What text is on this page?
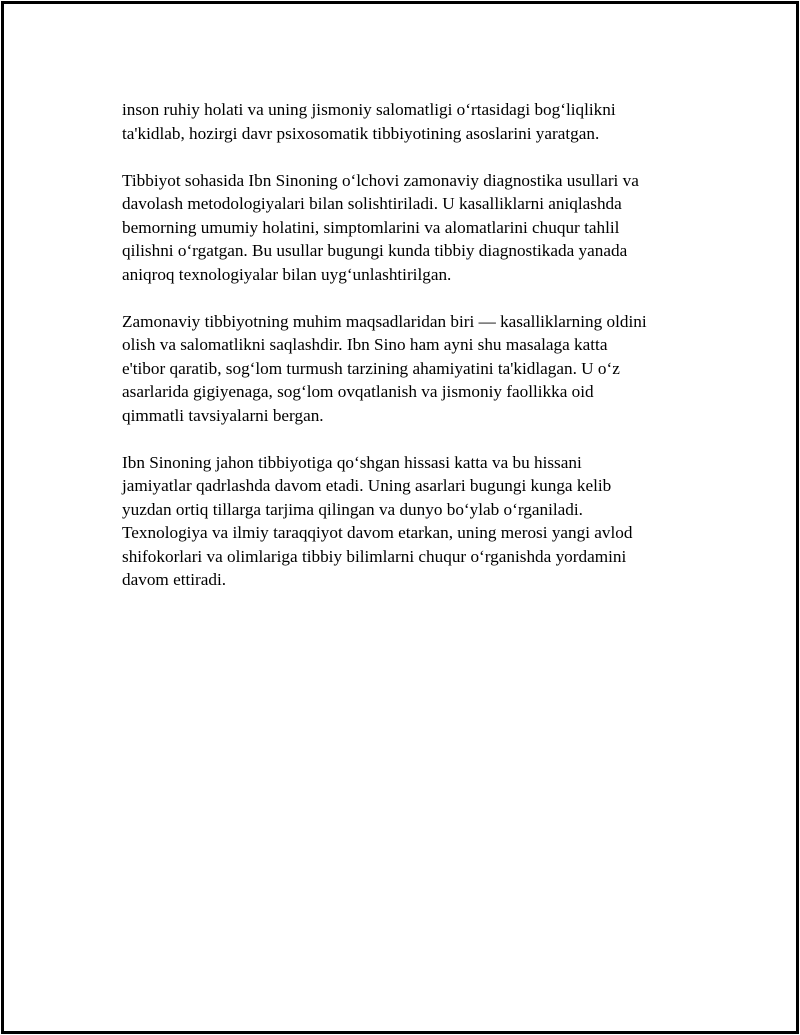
inson ruhiy holati va uning jismoniy salomatligi o‘rtasidagi bog‘liqlikni
ta'kidlab, hozirgi davr psixosomatik tibbiyotining asoslarini yaratgan.

Tibbiyot sohasida Ibn Sinoning o‘lchovi zamonaviy diagnostika usullari va
davolash metodologiyalari bilan solishtiriladi. U kasalliklarni aniqlashda
bemorning umumiy holatini, simptomlarini va alomatlarini chuqur tahlil
qilishni o‘rgatgan. Bu usullar bugungi kunda tibbiy diagnostikada yanada
aniqroq texnologiyalar bilan uyg‘unlashtirilgan.

Zamonaviy tibbiyotning muhim maqsadlaridan biri — kasalliklarning oldini
olish va salomatlikni saqlashdir. Ibn Sino ham ayni shu masalaga katta
e'tibor qaratib, sog‘lom turmush tarzining ahamiyatini ta'kidlagan. U o‘z
asarlarida gigiyenaga, sog‘lom ovqatlanish va jismoniy faollikka oid
qimmatli tavsiyalarni bergan.

Ibn Sinoning jahon tibbiyotiga qo‘shgan hissasi katta va bu hissani
jamiyatlar qadrlashda davom etadi. Uning asarlari bugungi kunga kelib
yuzdan ortiq tillarga tarjima qilingan va dunyo bo‘ylab o‘rganiladi.
Texnologiya va ilmiy taraqqiyot davom etarkan, uning merosi yangi avlod
shifokorlari va olimlariga tibbiy bilimlarni chuqur o‘rganishda yordamini
davom ettiradi.
